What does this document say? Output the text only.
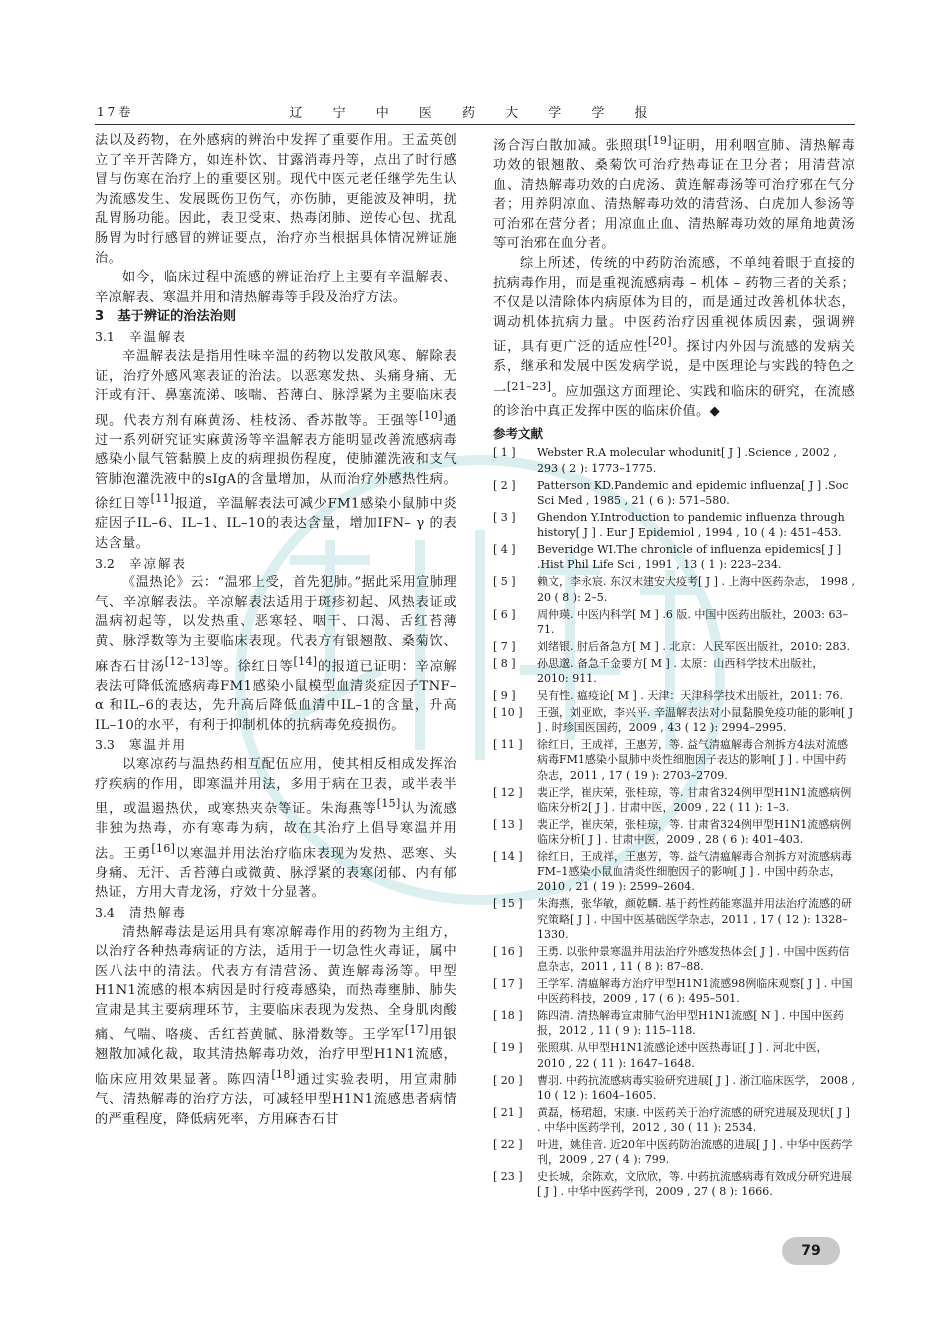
17卷	辽 宁 中 医 药 大 学 学 报

法以及药物，在外感病的辨治中发挥了重要作用。王孟英创立了辛开苦降方，如连朴饮、甘露消毒丹等，点出了时行感冒与伤寒在治疗上的重要区别。现代中医元老任继学先生认为流感发生、发展既伤卫伤气，亦伤肺，更能波及神明，扰乱胃肠功能。因此，表卫受束、热毒闭肺、逆传心包、扰乱肠胃为时行感冒的辨证要点，治疗亦当根据具体情况辨证施治。

如今，临床过程中流感的辨证治疗上主要有辛温解表、辛凉解表、寒温并用和清热解毒等手段及治疗方法。

3　基于辨证的治法治则
3.1 辛温解表

辛温解表法是指用性味辛温的药物以发散风寒、解除表证，治疗外感风寒表证的治法。以恶寒发热、头痛身痛、无汗或有汗、鼻塞流涕、咳喘、苔薄白、脉浮紧为主要临床表现。代表方剂有麻黄汤、桂枝汤、香苏散等。王强等[10]通过一系列研究证实麻黄汤等辛温解表方能明显改善流感病毒感染小鼠气管黏膜上皮的病理损伤程度，使肺灌洗液和支气管肺泡灌洗液中的sIgA的含量增加，从而治疗外感热性病。徐红日等[11]报道，辛温解表法可减少FM1感染小鼠肺中炎症因子IL–6、IL–1、IL–10的表达含量，增加IFN– γ 的表达含量。

3.2 辛凉解表

《温热论》云：“温邪上受，首先犯肺。”据此采用宣肺理气、辛凉解表法。辛凉解表法适用于斑疹初起、风热表证或温病初起等，以发热重、恶寒轻、咽干、口渴、舌红苔薄黄、脉浮数等为主要临床表现。代表方有银翘散、桑菊饮、麻杏石甘汤[12–13]等。徐红日等[14]的报道已证明：辛凉解表法可降低流感病毒FM1感染小鼠模型血清炎症因子TNF– α 和IL–6的表达，先升高后降低血清中IL–1的含量，升高IL–10的水平，有利于抑制机体的抗病毒免疫损伤。

3.3 寒温并用

以寒凉药与温热药相互配伍应用，使其相反相成发挥治疗疾病的作用，即寒温并用法，多用于病在卫表，或半表半里，或温遏热伏，或寒热夹杂等证。朱海燕等[15]认为流感非独为热毒，亦有寒毒为病，故在其治疗上倡导寒温并用法。王勇[16]以寒温并用法治疗临床表现为发热、恶寒、头身痛、无汗、舌苔薄白或微黄、脉浮紧的表寒闭郁、内有郁热证，方用大青龙汤，疗效十分显著。

3.4 清热解毒

清热解毒法是运用具有寒凉解毒作用的药物为主组方，以治疗各种热毒病证的方法，适用于一切急性火毒证，属中医八法中的清法。代表方有清营汤、黄连解毒汤等。甲型H1N1流感的根本病因是时行疫毒感染，而热毒壅肺、肺失宣肃是其主要病理环节，主要临床表现为发热、全身肌肉酸痛、气喘、咯痰、舌红苔黄腻、脉滑数等。王学军[17]用银翘散加减化裁，取其清热解毒功效，治疗甲型H1N1流感，临床应用效果显著。陈四清[18]通过实验表明，用宣肃肺气、清热解毒的治疗方法，可减轻甲型H1N1流感患者病情的严重程度，降低病死率，方用麻杏石甘

汤合泻白散加减。张照琪[19]证明，用利咽宣肺、清热解毒功效的银翘散、桑菊饮可治疗热毒证在卫分者；用清营凉血、清热解毒功效的白虎汤、黄连解毒汤等可治疗邪在气分者；用养阴凉血、清热解毒功效的清营汤、白虎加人参汤等可治邪在营分者；用凉血止血、清热解毒功效的犀角地黄汤等可治邪在血分者。

综上所述，传统的中药防治流感，不单纯着眼于直接的抗病毒作用，而是重视流感病毒 – 机体 – 药物三者的关系；不仅是以清除体内病原体为目的，而是通过改善机体状态，调动机体抗病力量。中医药治疗因重视体质因素，强调辨证，具有更广泛的适应性[20]。探讨内外因与流感的发病关系，继承和发展中医发病学说，是中医理论与实践的特色之一[21–23]。应加强这方面理论、实践和临床的研究，在流感的诊治中真正发挥中医的临床价值。◆

参考文献
[ 1 ]	Webster R.A molecular whodunit[ J ] .Science , 2002 , 293 ( 2 ): 1773–1775.
[ 2 ]	Patterson KD.Pandemic and epidemic influenza[ J ] .Soc Sci Med , 1985 , 21 ( 6 ): 571–580.
[ 3 ]	Ghendon Y.Introduction to pandemic influenza through history[ J ] . Eur J Epidemiol , 1994 , 10 ( 4 ): 451–453.
[ 4 ]	Beveridge WI.The chronicle of influenza epidemics[ J ] .Hist Phil Life Sci , 1991 , 13 ( 1 ): 223–234.
[ 5 ]	赖文，李永宸. 东汉末建安大疫考[ J ] . 上海中医药杂志， 1998 , 20 ( 8 ): 2–5.
[ 6 ]	周仲瑛. 中医内科学[ M ] .6 版. 中国中医药出版社，2003: 63–71.
[ 7 ]	刘绪银. 肘后备急方[ M ] . 北京：人民军医出版社，2010: 283.
[ 8 ]	孙思邈. 备急千金要方[ M ] . 太原：山西科学技术出版社， 2010: 911.
[ 9 ]	吴有性. 瘟疫论[ M ] . 天津：天津科学技术出版社，2011: 76.
[ 10 ]	王强，刘亚欧，李兴平. 辛温解表法对小鼠黏膜免疫功能的影响[ J ] . 时珍国医国药，2009 , 43 ( 12 ): 2994–2995.
[ 11 ]	徐红日，王成祥，王惠芳，等. 益气清瘟解毒合剂拆方4法对流感病毒FM1感染小鼠肺中炎性细胞因子表达的影响[ J ] . 中国中药杂志，2011 , 17 ( 19 ): 2703–2709.
[ 12 ]	裴正学，崔庆荣，张桂琼，等. 甘肃省324例甲型H1N1流感病例临床分析2[ J ] . 甘肃中医，2009 , 22 ( 11 ): 1–3.
[ 13 ]	裴正学，崔庆荣，张桂琼，等. 甘肃省324例甲型H1N1流感病例临床分析[ J ] . 甘肃中医，2009 , 28 ( 6 ): 401–403.
[ 14 ]	徐红日，王成祥，王惠芳，等. 益气清瘟解毒合剂拆方对流感病毒FM–1感染小鼠血清炎性细胞因子的影响[ J ] . 中国中药杂志，2010 , 21 ( 19 ): 2599–2604.
[ 15 ]	朱海燕，张华敏，颜乾麟. 基于药性药能寒温并用法治疗流感的研究策略[ J ] . 中国中医基础医学杂志，2011 , 17 ( 12 ): 1328–1330.
[ 16 ]	王勇. 以张仲景寒温并用法治疗外感发热体会[ J ] . 中国中医药信息杂志，2011 , 11 ( 8 ): 87–88.
[ 17 ]	王学军. 清瘟解毒方治疗甲型H1N1流感98例临床观察[ J ] . 中国中医药科技，2009 , 17 ( 6 ): 495–501.
[ 18 ]	陈四清. 清热解毒宣肃肺气治甲型H1N1流感[ N ] . 中国中医药报，2012 , 11 ( 9 ): 115–118.
[ 19 ]	张照琪. 从甲型H1N1流感论述中医热毒证[ J ] . 河北中医， 2010 , 22 ( 11 ): 1647–1648.
[ 20 ]	曹羽. 中药抗流感病毒实验研究进展[ J ] . 浙江临床医学， 2008 , 10 ( 12 ): 1604–1605.
[ 21 ]	黄磊，杨珺超，宋康. 中医药关于治疗流感的研究进展及现状[ J ] . 中华中医药学刊，2012 , 30 ( 11 ): 2534.
[ 22 ]	叶进，姚佳音. 近20年中医药防治流感的进展[ J ] . 中华中医药学刊，2009 , 27 ( 4 ): 799.
[ 23 ]	史长城，余陈欢，文欣欣，等. 中药抗流感病毒有效成分研究进展[ J ] . 中华中医药学刊，2009 , 27 ( 8 ): 1666.
79
